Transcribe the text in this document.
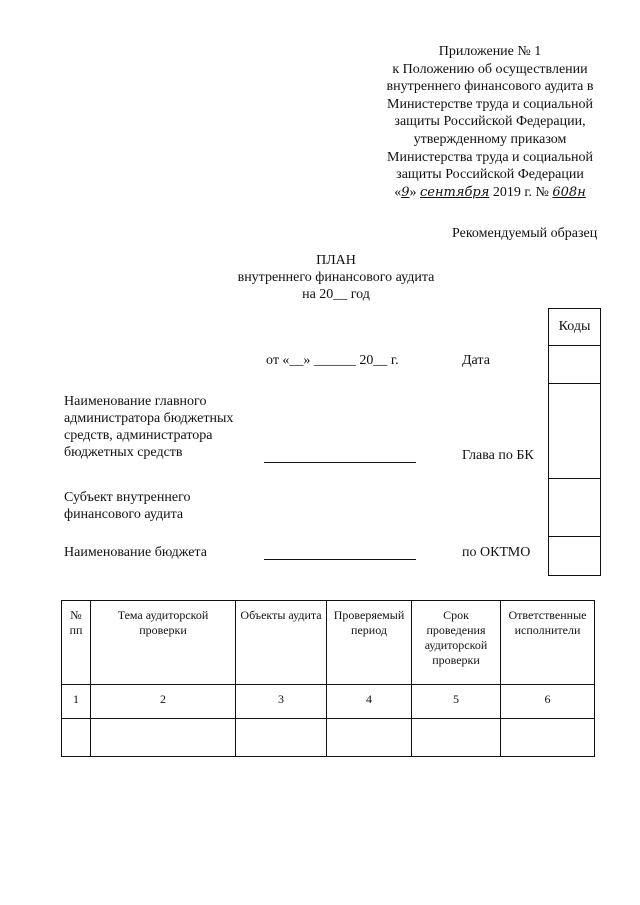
Приложение № 1
к Положению об осуществлении
внутреннего финансового аудита в
Министерстве труда и социальной
защиты Российской Федерации,
утвержденному приказом
Министерства труда и социальной
защиты Российской Федерации
«9» сентября 2019 г. № 608н
Рекомендуемый образец
ПЛАН
внутреннего финансового аудита
на 20__ год
Коды

от «__» ______ 20__ г.	Дата
Наименование главного
администратора бюджетных
средств, администратора
бюджетных средств	Глава по БК
Субъект внутреннего
финансового аудита
Наименование бюджета	по ОКТМО
№ пп	Тема аудиторской проверки	Объекты аудита	Проверяемый период	Срок проведения аудиторской проверки	Ответственные исполнители
1	2	3	4	5	6
